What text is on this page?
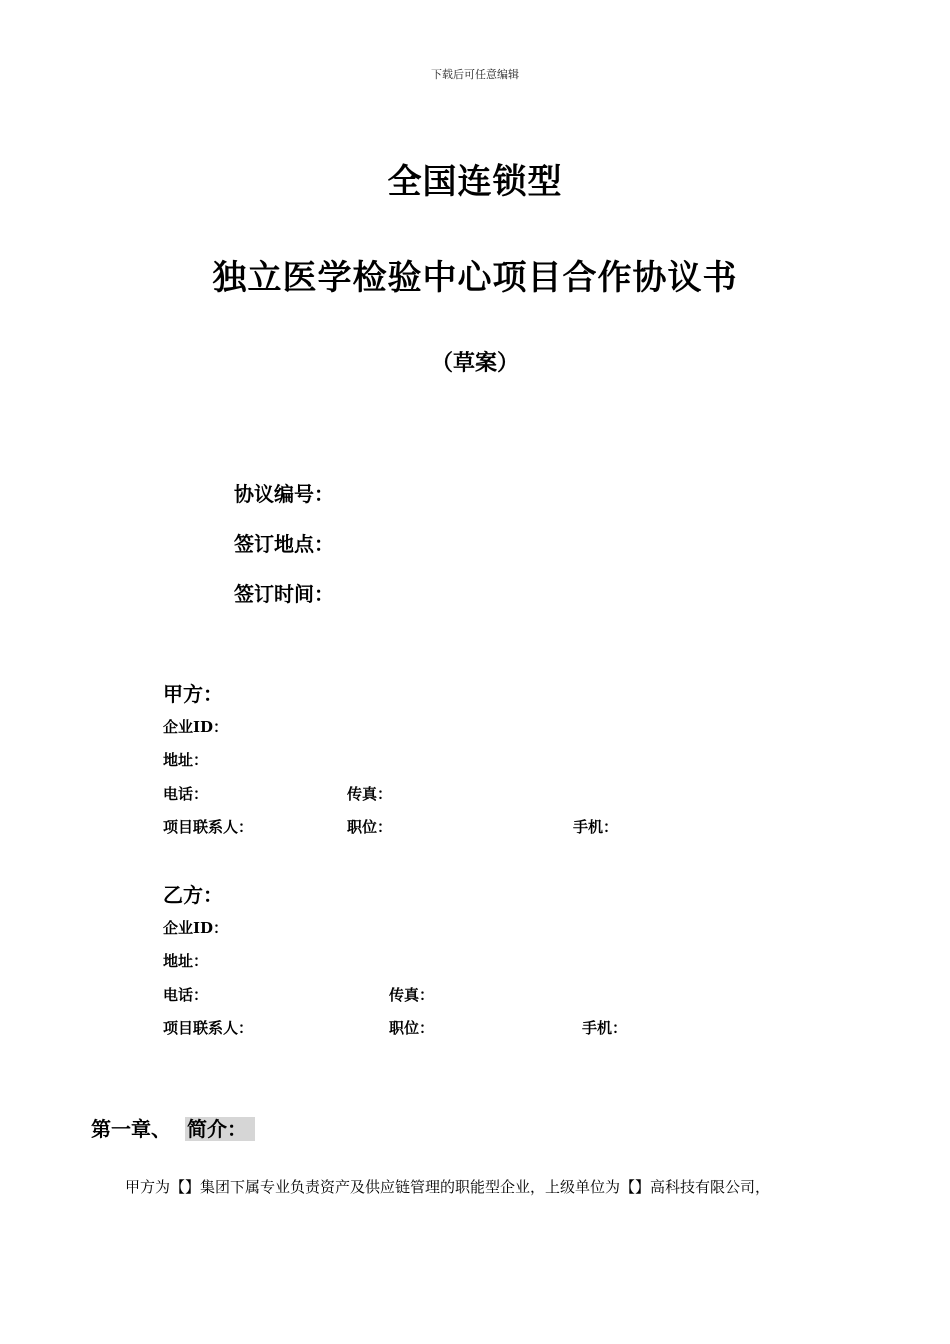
下载后可任意编辑
全国连锁型
独立医学检验中心项目合作协议书
（草案）
协议编号：
签订地点：
签订时间：
甲方：
企业ID：
地址：
电话：	传真：
项目联系人：	职位：	手机：
乙方：
企业ID：
地址：
电话：	传真：
项目联系人：	职位：	手机：
第一章、 简介：
甲方为【】集团下属专业负责资产及供应链管理的职能型企业，上级单位为【】高科技有限公司，
